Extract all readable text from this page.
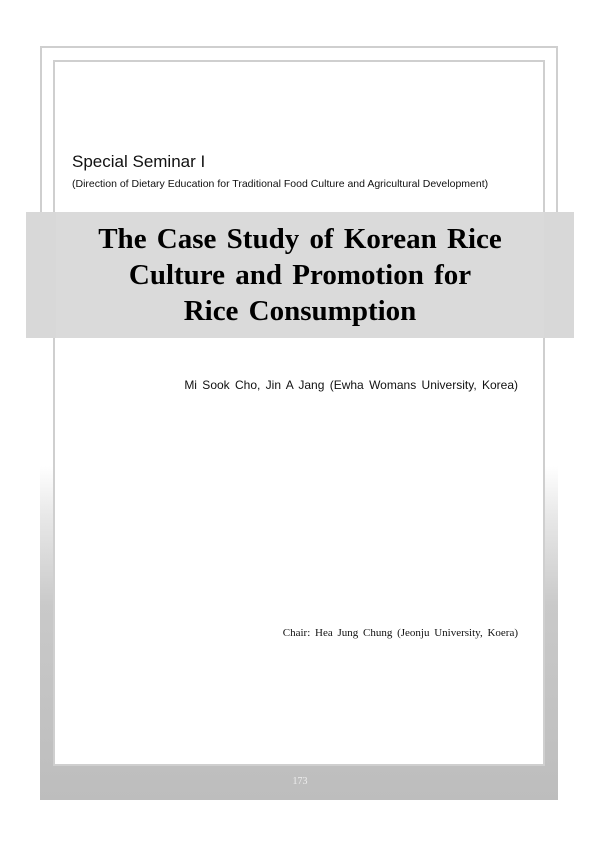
Special Seminar I
(Direction of Dietary Education for Traditional Food Culture and Agricultural Development)
The Case Study of Korean Rice
Culture and Promotion for
Rice Consumption
Mi Sook Cho, Jin A Jang (Ewha Womans University, Korea)
Chair: Hea Jung Chung (Jeonju University, Koera)
173
